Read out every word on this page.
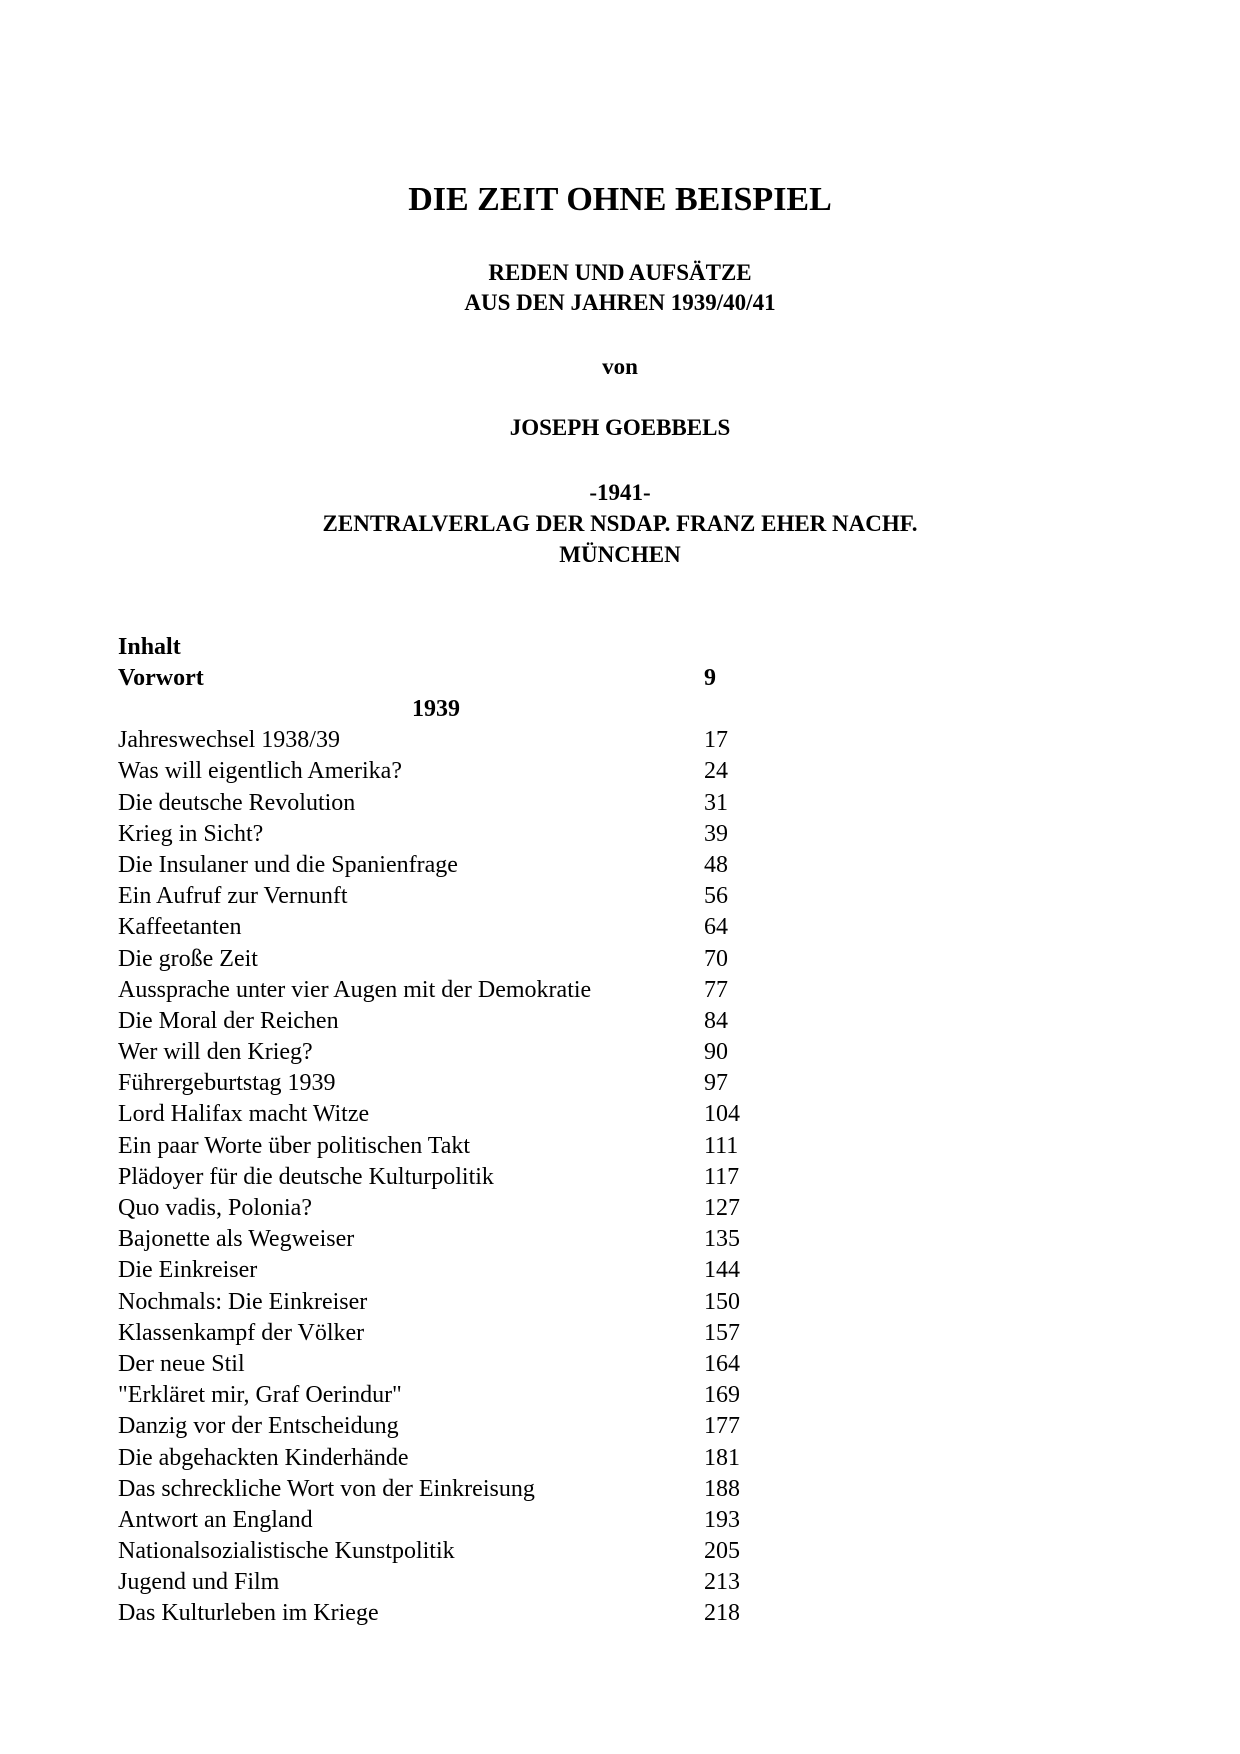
DIE ZEIT OHNE BEISPIEL
REDEN UND AUFSÄTZE
AUS DEN JAHREN 1939/40/41
von
JOSEPH GOEBBELS
-1941-
ZENTRALVERLAG DER NSDAP. FRANZ EHER NACHF.
MÜNCHEN
Inhalt
Vorwort	9
1939
Jahreswechsel 1938/39	17
Was will eigentlich Amerika?	24
Die deutsche Revolution	31
Krieg in Sicht?	39
Die Insulaner und die Spanienfrage	48
Ein Aufruf zur Vernunft	56
Kaffeetanten	64
Die große Zeit	70
Aussprache unter vier Augen mit der Demokratie	77
Die Moral der Reichen	84
Wer will den Krieg?	90
Führergeburtstag 1939	97
Lord Halifax macht Witze	104
Ein paar Worte über politischen Takt	111
Plädoyer für die deutsche Kulturpolitik	117
Quo vadis, Polonia?	127
Bajonette als Wegweiser	135
Die Einkreiser	144
Nochmals: Die Einkreiser	150
Klassenkampf der Völker	157
Der neue Stil	164
"Erkläret mir, Graf Oerindur"	169
Danzig vor der Entscheidung	177
Die abgehackten Kinderhände	181
Das schreckliche Wort von der Einkreisung	188
Antwort an England	193
Nationalsozialistische Kunstpolitik	205
Jugend und Film	213
Das Kulturleben im Kriege	218
